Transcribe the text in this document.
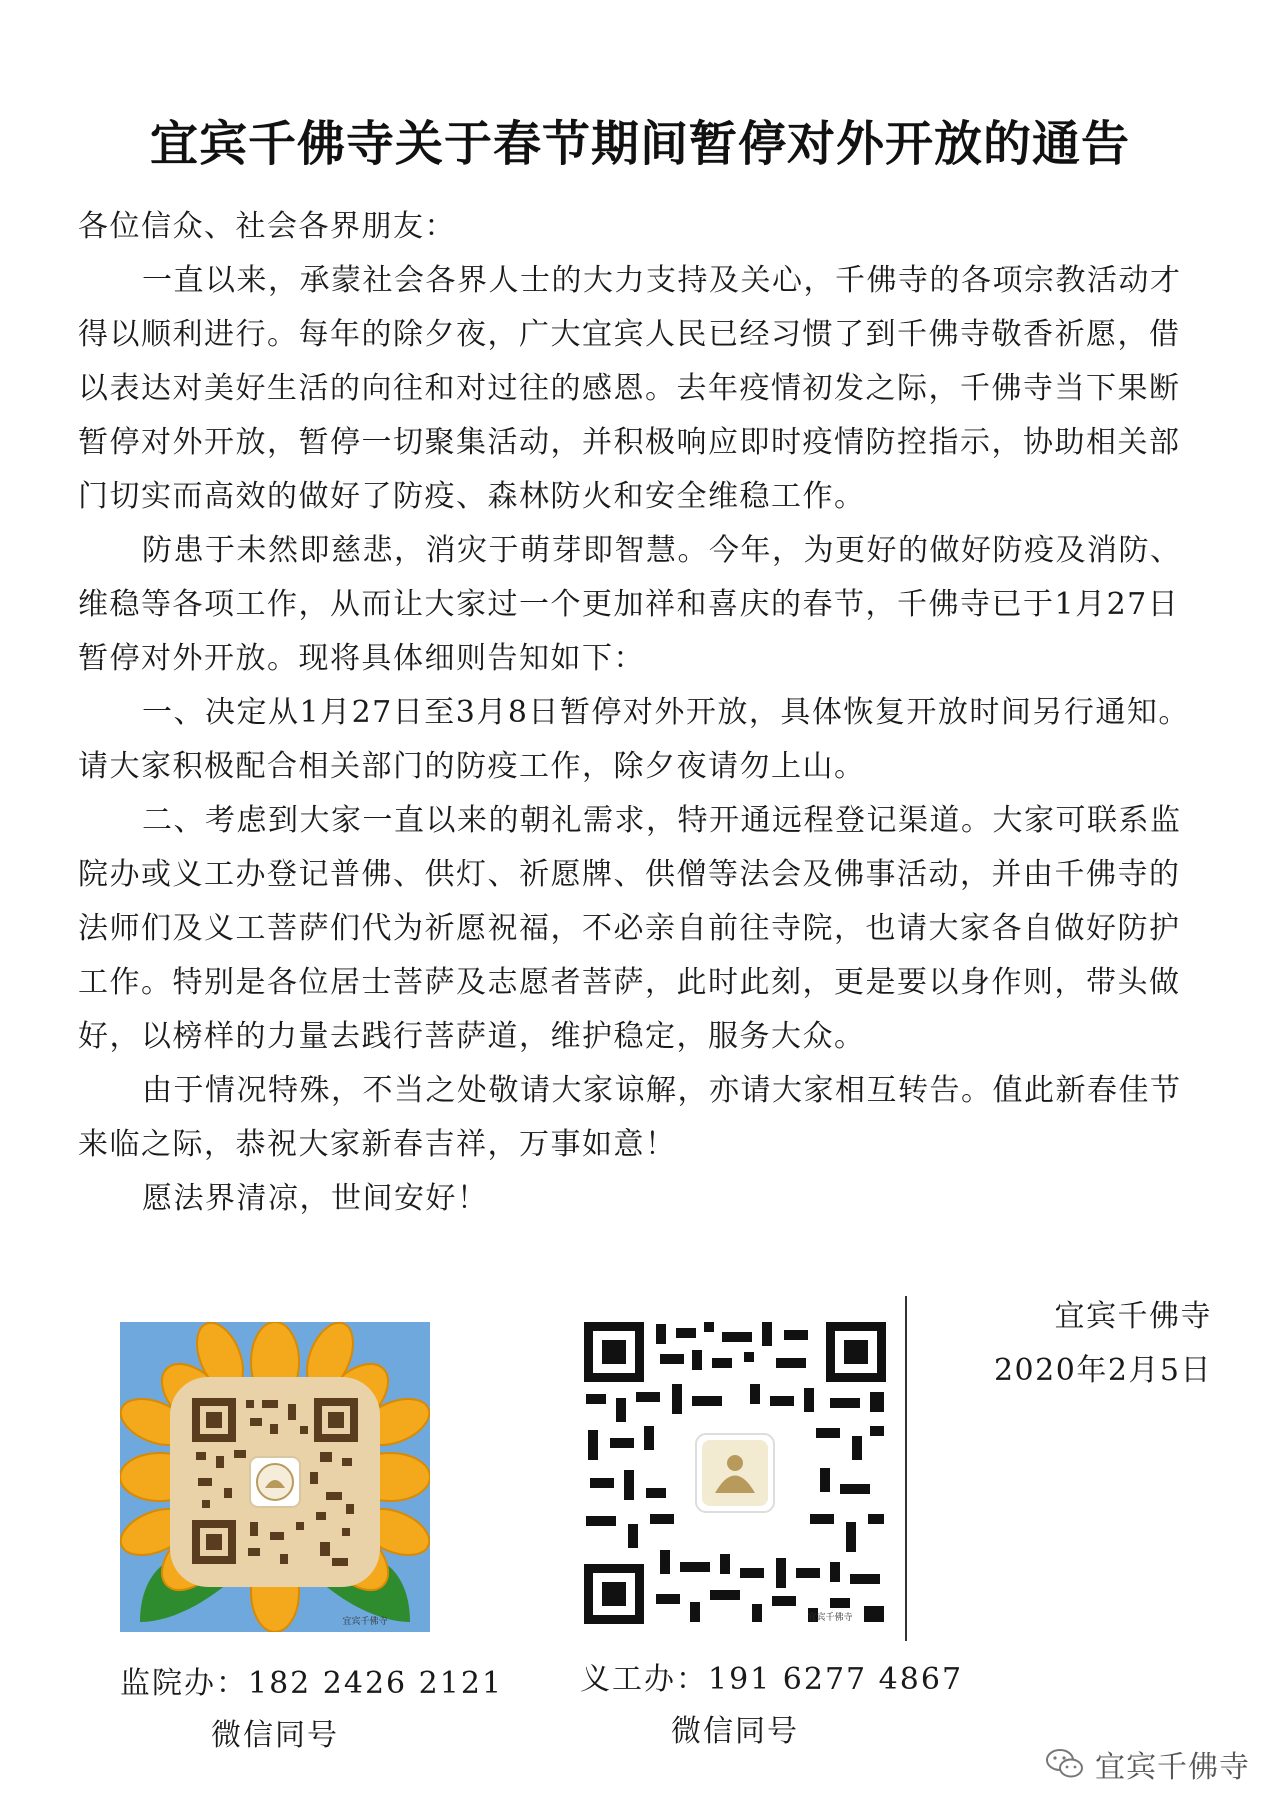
宜宾千佛寺关于春节期间暂停对外开放的通告

各位信众、社会各界朋友：

一直以来，承蒙社会各界人士的大力支持及关心，千佛寺的各项宗教活动才得以顺利进行。每年的除夕夜，广大宜宾人民已经习惯了到千佛寺敬香祈愿，借以表达对美好生活的向往和对过往的感恩。去年疫情初发之际，千佛寺当下果断暂停对外开放，暂停一切聚集活动，并积极响应即时疫情防控指示，协助相关部门切实而高效的做好了防疫、森林防火和安全维稳工作。

防患于未然即慈悲，消灾于萌芽即智慧。今年，为更好的做好防疫及消防、维稳等各项工作，从而让大家过一个更加祥和喜庆的春节，千佛寺已于1月27日暂停对外开放。现将具体细则告知如下：

一、决定从1月27日至3月8日暂停对外开放，具体恢复开放时间另行通知。请大家积极配合相关部门的防疫工作，除夕夜请勿上山。

二、考虑到大家一直以来的朝礼需求，特开通远程登记渠道。大家可联系监院办或义工办登记普佛、供灯、祈愿牌、供僧等法会及佛事活动，并由千佛寺的法师们及义工菩萨们代为祈愿祝福，不必亲自前往寺院，也请大家各自做好防护工作。特别是各位居士菩萨及志愿者菩萨，此时此刻，更是要以身作则，带头做好，以榜样的力量去践行菩萨道，维护稳定，服务大众。

由于情况特殊，不当之处敬请大家谅解，亦请大家相互转告。值此新春佳节来临之际，恭祝大家新春吉祥，万事如意！

愿法界清凉，世间安好！

宜宾千佛寺
2020年2月5日
宜宾千佛寺
监院办：182 2426 2121
微信同号
宜宾千佛寺
义工办：191 6277 4867
微信同号
宜宾千佛寺
